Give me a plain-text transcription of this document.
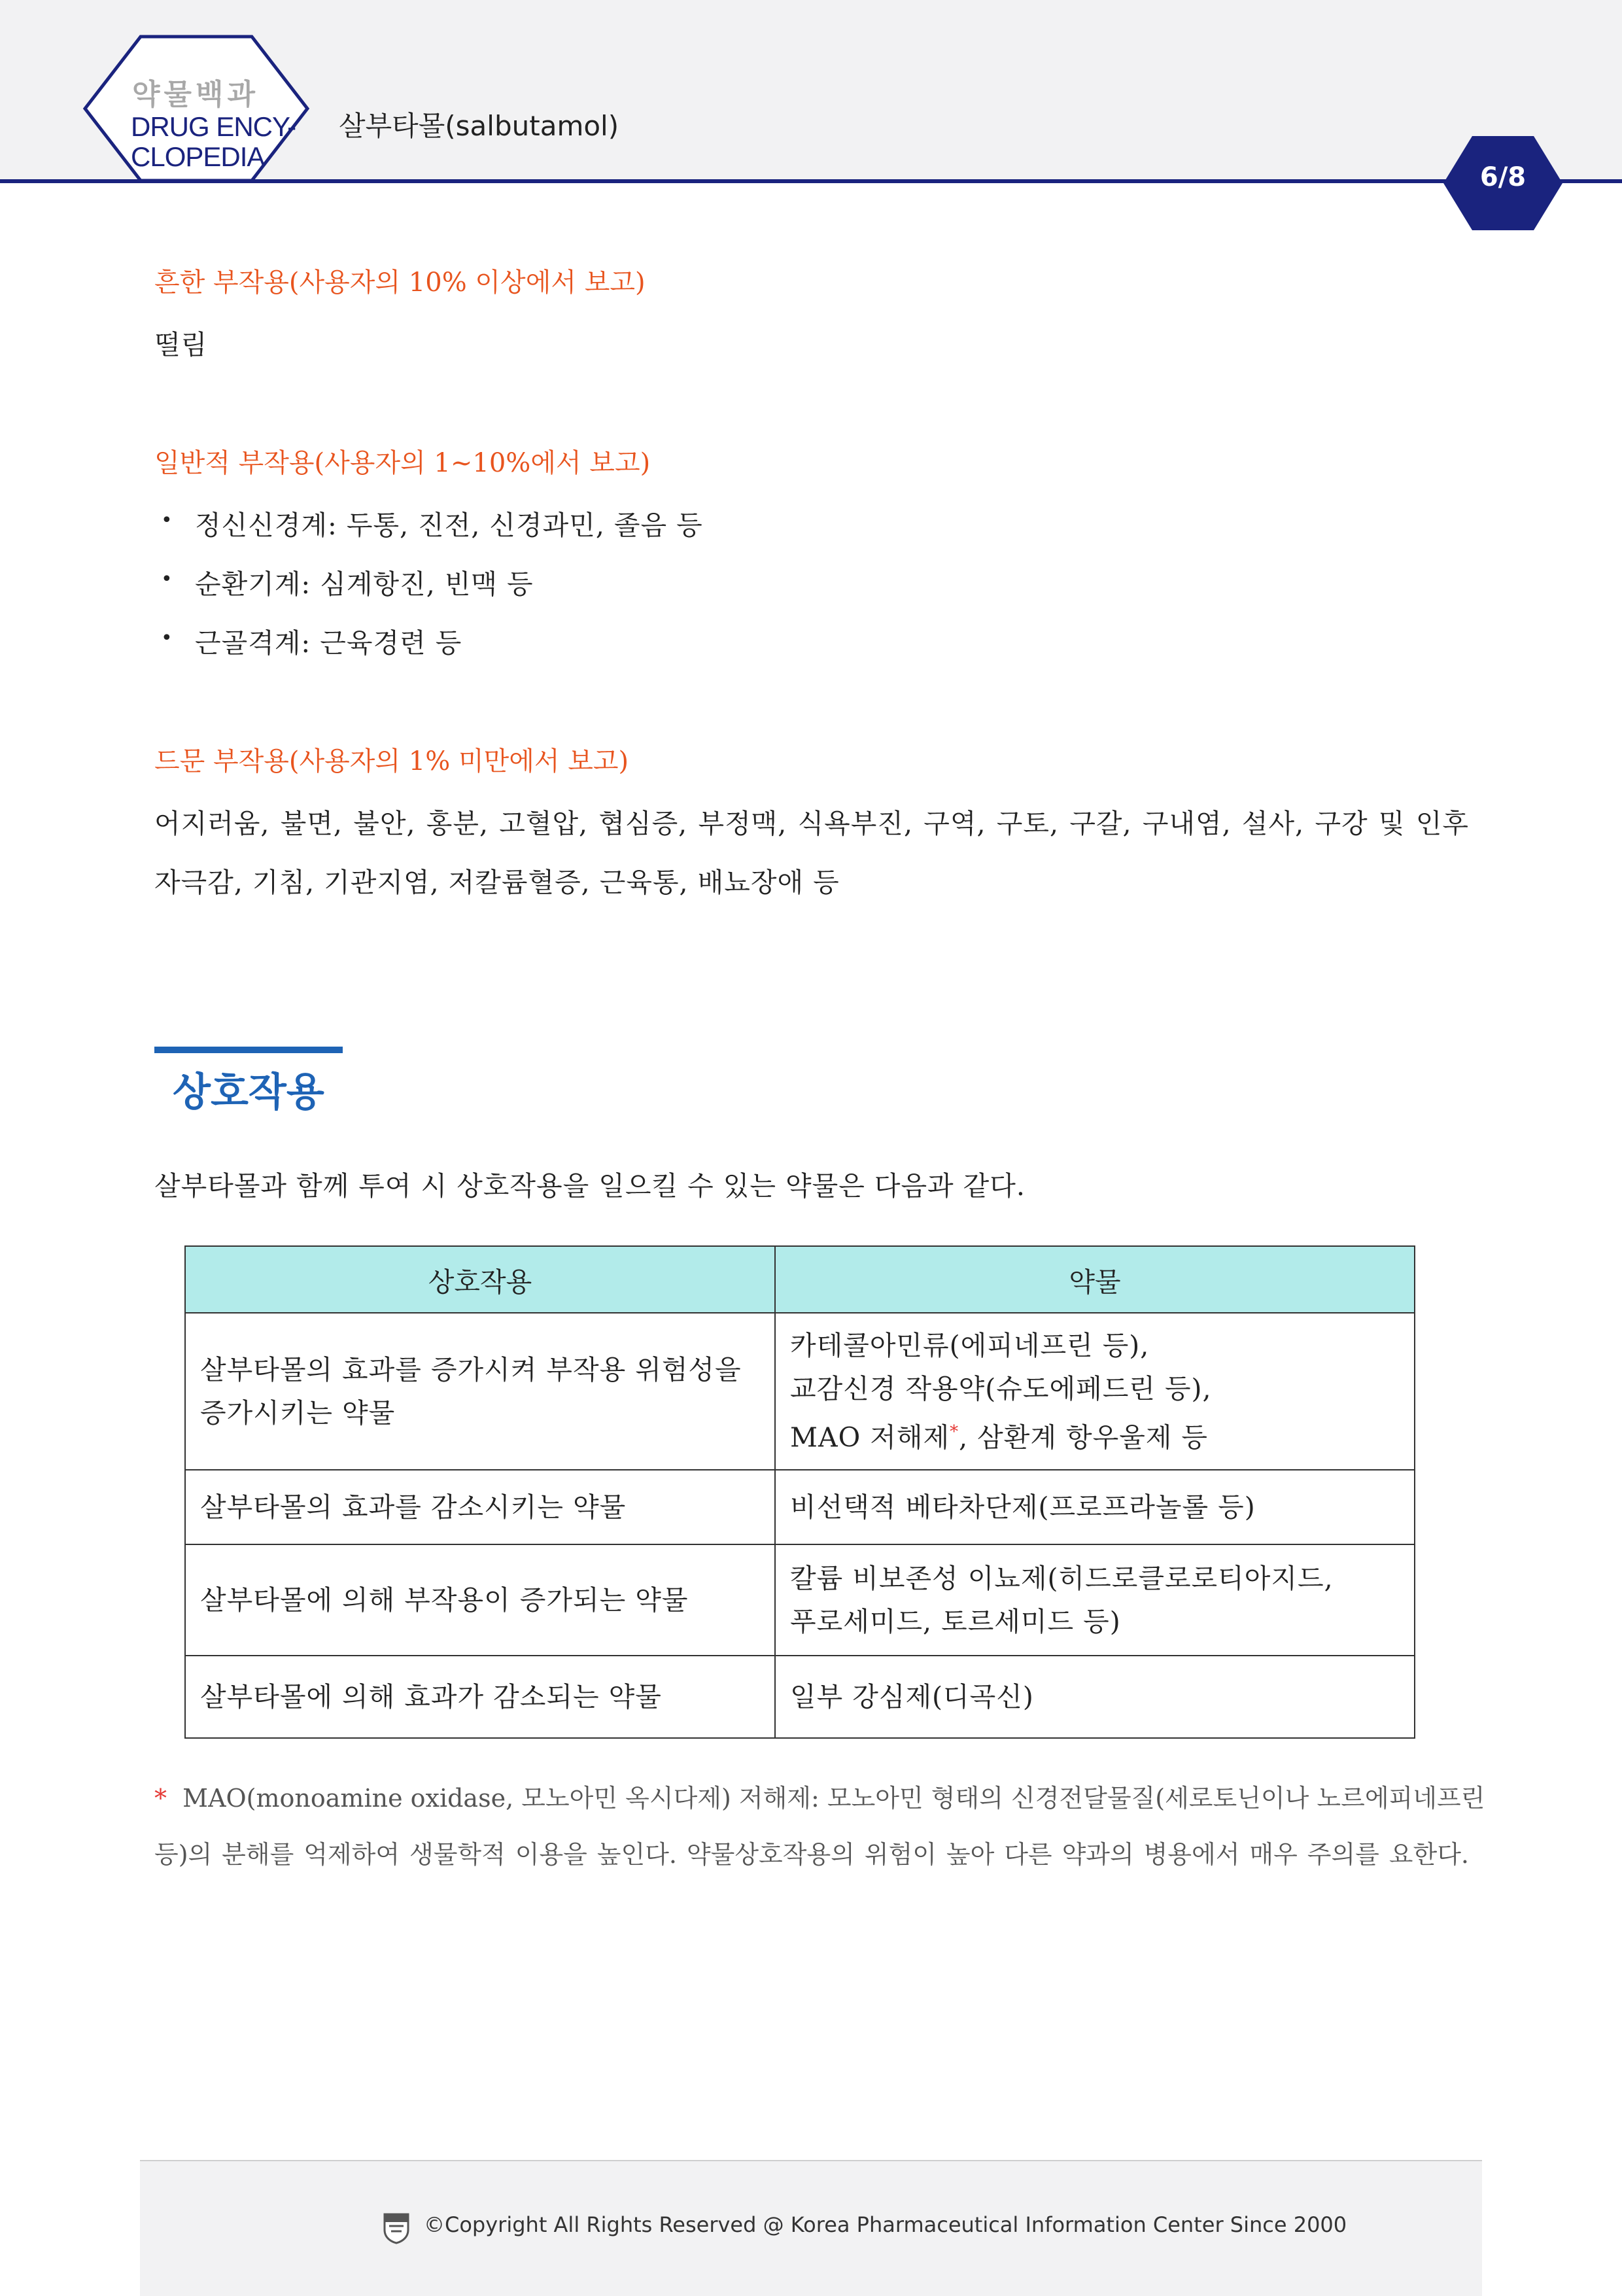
약물백과
DRUG ENCY-
CLOPEDIA
살부타몰(salbutamol)
6/8
흔한 부작용(사용자의 10% 이상에서 보고)
떨림
일반적 부작용(사용자의 1~10%에서 보고)
• 정신신경계: 두통, 진전, 신경과민, 졸음 등
• 순환기계: 심계항진, 빈맥 등
• 근골격계: 근육경련 등
드문 부작용(사용자의 1% 미만에서 보고)
어지러움, 불면, 불안, 홍분, 고혈압, 협심증, 부정맥, 식욕부진, 구역, 구토, 구갈, 구내염, 설사, 구강 및 인후
자극감, 기침, 기관지염, 저칼륨혈증, 근육통, 배뇨장애 등
상호작용
살부타몰과 함께 투여 시 상호작용을 일으킬 수 있는 약물은 다음과 같다.
상호작용	약물
살부타몰의 효과를 증가시켜 부작용 위험성을
증가시키는 약물	카테콜아민류(에피네프린 등),
교감신경 작용약(슈도에페드린 등),
MAO 저해제*, 삼환계 항우울제 등
살부타몰의 효과를 감소시키는 약물	비선택적 베타차단제(프로프라놀롤 등)
살부타몰에 의해 부작용이 증가되는 약물	칼륨 비보존성 이뇨제(히드로클로로티아지드,
푸로세미드, 토르세미드 등)
살부타몰에 의해 효과가 감소되는 약물	일부 강심제(디곡신)
* MAO(monoamine oxidase, 모노아민 옥시다제) 저해제: 모노아민 형태의 신경전달물질(세로토닌이나 노르에피네프린
등)의 분해를 억제하여 생물학적 이용을 높인다. 약물상호작용의 위험이 높아 다른 약과의 병용에서 매우 주의를 요한다.
©Copyright All Rights Reserved @ Korea Pharmaceutical Information Center Since 2000
